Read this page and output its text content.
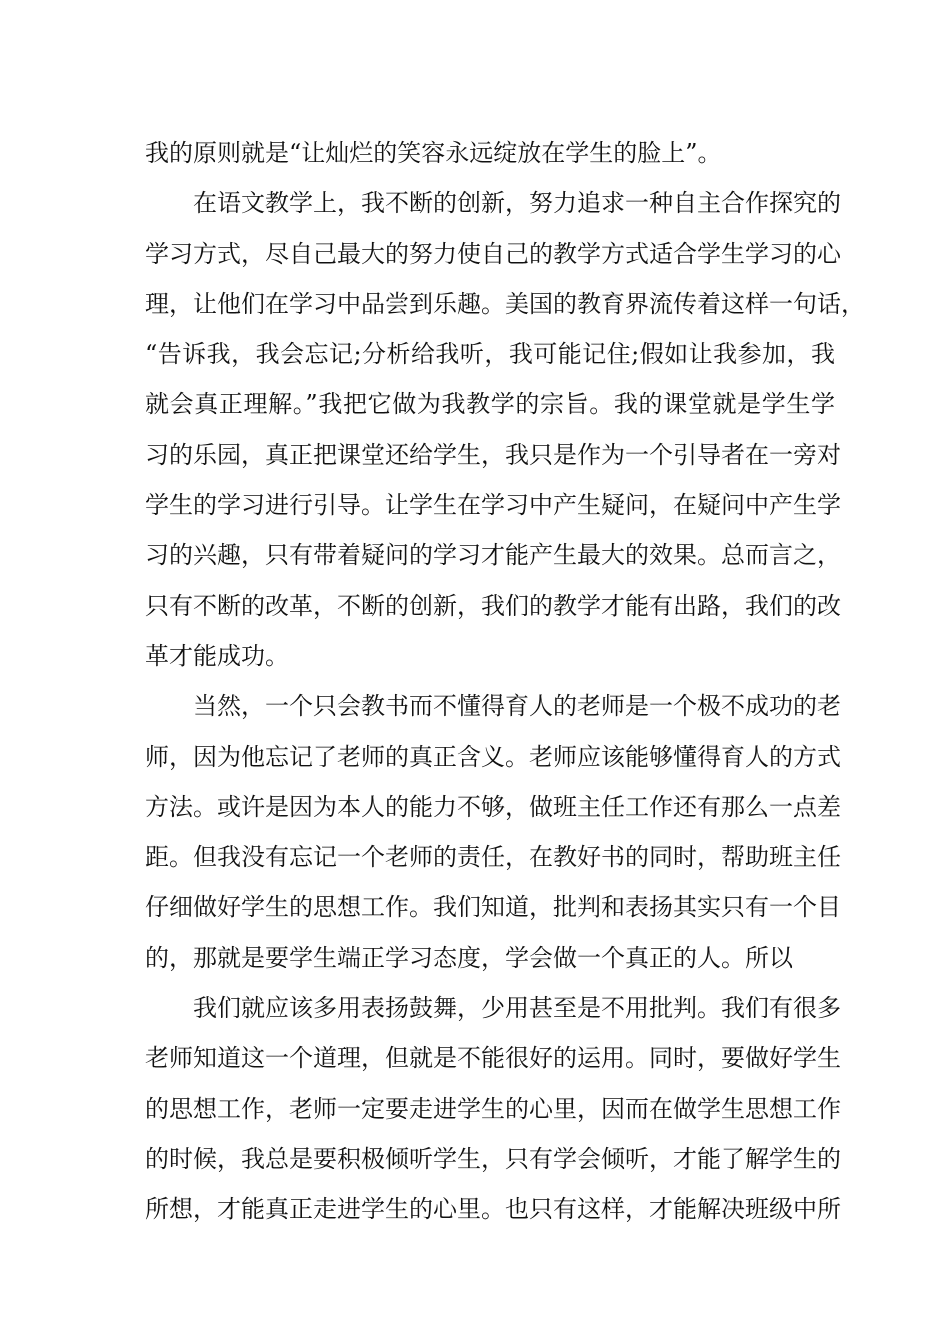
我的原则就是“让灿烂的笑容永远绽放在学生的脸上”。
在语文教学上，我不断的创新，努力追求一种自主合作探究的
学习方式，尽自己最大的努力使自己的教学方式适合学生学习的心
理，让他们在学习中品尝到乐趣。美国的教育界流传着这样一句话，
“告诉我，我会忘记;分析给我听，我可能记住;假如让我参加，我
就会真正理解。”我把它做为我教学的宗旨。我的课堂就是学生学
习的乐园，真正把课堂还给学生，我只是作为一个引导者在一旁对
学生的学习进行引导。让学生在学习中产生疑问，在疑问中产生学
习的兴趣，只有带着疑问的学习才能产生最大的效果。总而言之，
只有不断的改革，不断的创新，我们的教学才能有出路，我们的改
革才能成功。
当然，一个只会教书而不懂得育人的老师是一个极不成功的老
师，因为他忘记了老师的真正含义。老师应该能够懂得育人的方式
方法。或许是因为本人的能力不够，做班主任工作还有那么一点差
距。但我没有忘记一个老师的责任，在教好书的同时，帮助班主任
仔细做好学生的思想工作。我们知道，批判和表扬其实只有一个目
的，那就是要学生端正学习态度，学会做一个真正的人。所以
我们就应该多用表扬鼓舞，少用甚至是不用批判。我们有很多
老师知道这一个道理，但就是不能很好的运用。同时，要做好学生
的思想工作，老师一定要走进学生的心里，因而在做学生思想工作
的时候，我总是要积极倾听学生，只有学会倾听，才能了解学生的
所想，才能真正走进学生的心里。也只有这样，才能解决班级中所
